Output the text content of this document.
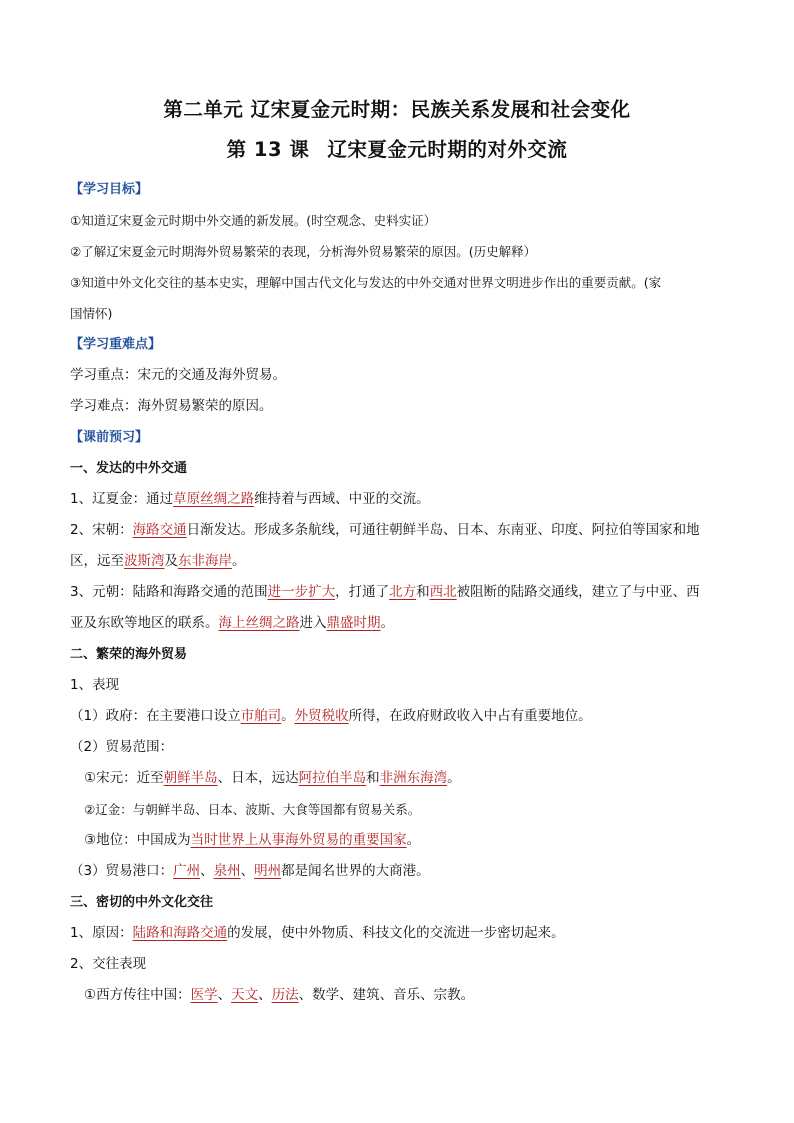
第二单元 辽宋夏金元时期：民族关系发展和社会变化
第 13 课 辽宋夏金元时期的对外交流
【学习目标】
①知道辽宋夏金元时期中外交通的新发展。(时空观念、史料实证）
②了解辽宋夏金元时期海外贸易繁荣的表现，分析海外贸易繁荣的原因。(历史解释）
③知道中外文化交往的基本史实，理解中国古代文化与发达的中外交通对世界文明进步作出的重要贡献。(家
国情怀)
【学习重难点】
学习重点：宋元的交通及海外贸易。
学习难点：海外贸易繁荣的原因。
【课前预习】
一、发达的中外交通
1、辽夏金：通过草原丝绸之路维持着与西域、中亚的交流。
2、宋朝：海路交通日渐发达。形成多条航线，可通往朝鲜半岛、日本、东南亚、印度、阿拉伯等国家和地
区，远至波斯湾及东非海岸。
3、元朝：陆路和海路交通的范围进一步扩大，打通了北方和西北被阻断的陆路交通线，建立了与中亚、西
亚及东欧等地区的联系。海上丝绸之路进入鼎盛时期。
二、繁荣的海外贸易
1、表现
（1）政府：在主要港口设立市舶司。外贸税收所得，在政府财政收入中占有重要地位。
（2）贸易范围：
①宋元：近至朝鲜半岛、日本，远达阿拉伯半岛和非洲东海湾。
②辽金：与朝鲜半岛、日本、波斯、大食等国都有贸易关系。
③地位：中国成为当时世界上从事海外贸易的重要国家。
（3）贸易港口：广州、泉州、明州都是闻名世界的大商港。
三、密切的中外文化交往
1、原因：陆路和海路交通的发展，使中外物质、科技文化的交流进一步密切起来。
2、交往表现
①西方传往中国：医学、天文、历法、数学、建筑、音乐、宗教。
